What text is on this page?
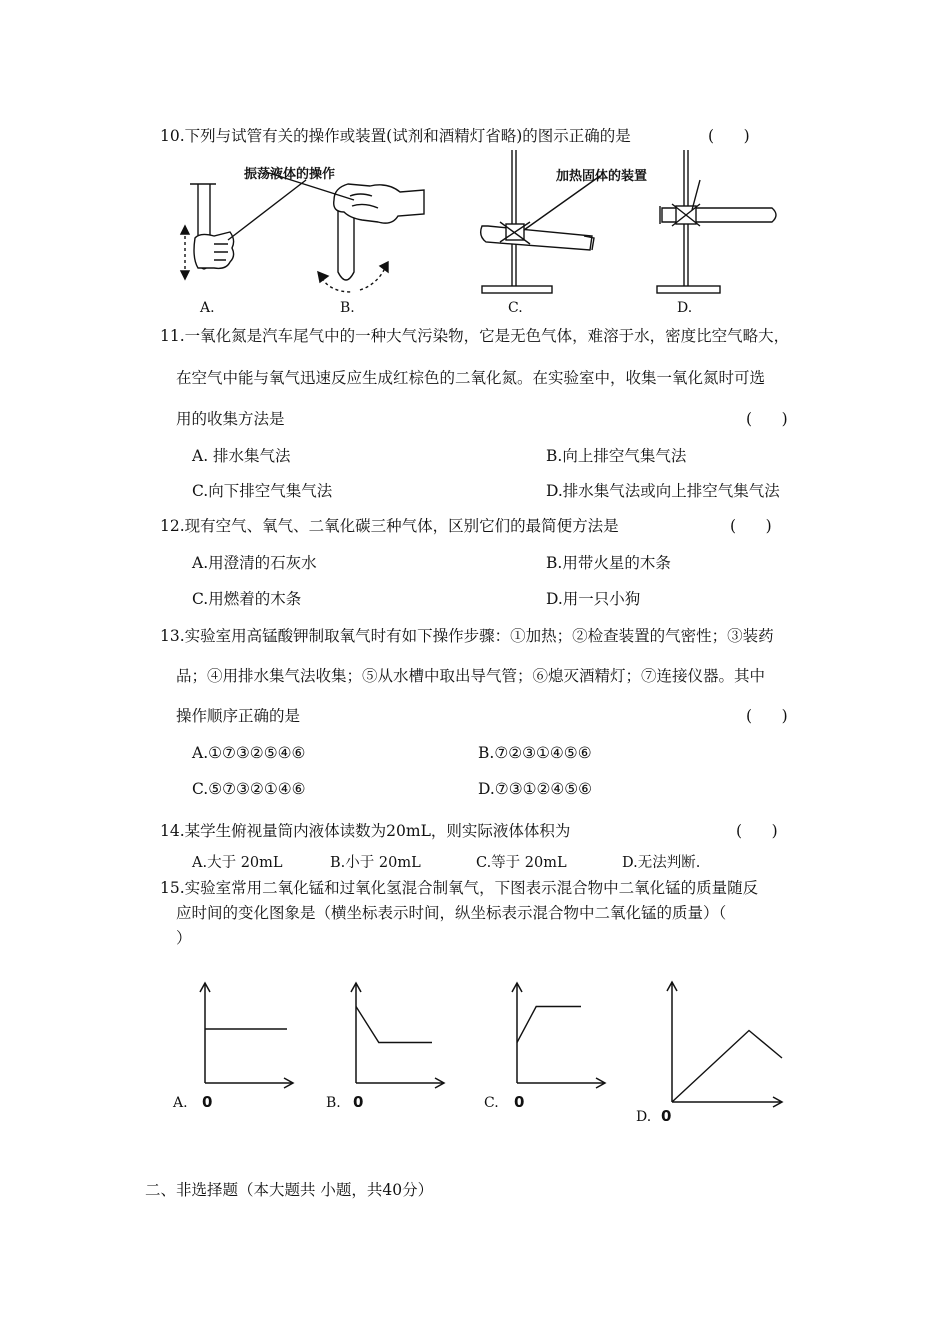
10.下列与试管有关的操作或装置(试剂和酒精灯省略)的图示正确的是	(      )
振荡液体的操作	加热固体的装置
A.	B.	C.	D.
11.一氧化氮是汽车尾气中的一种大气污染物，它是无色气体，难溶于水，密度比空气略大，
在空气中能与氧气迅速反应生成红棕色的二氧化氮。在实验室中，收集一氧化氮时可选
用的收集方法是	(      )
A. 排水集气法	B.向上排空气集气法
C.向下排空气集气法	D.排水集气法或向上排空气集气法
12.现有空气、氧气、二氧化碳三种气体，区别它们的最简便方法是	(      )
A.用澄清的石灰水	B.用带火星的木条
C.用燃着的木条	D.用一只小狗
13.实验室用高锰酸钾制取氧气时有如下操作步骤：①加热；②检查装置的气密性；③装药
品；④用排水集气法收集；⑤从水槽中取出导气管；⑥熄灭酒精灯；⑦连接仪器。其中
操作顺序正确的是	(      )
A.①⑦③②⑤④⑥	B.⑦②③①④⑤⑥
C.⑤⑦③②①④⑥	D.⑦③①②④⑤⑥
14.某学生俯视量筒内液体读数为20mL，则实际液体体积为	(      )
A.大于 20mL	B.小于 20mL	C.等于 20mL	D.无法判断.
15.实验室常用二氧化锰和过氧化氢混合制氧气，下图表示混合物中二氧化锰的质量随反
应时间的变化图象是（横坐标表示时间，纵坐标表示混合物中二氧化锰的质量）（
）
A. 0	B. 0	C. 0
D. 0
二、非选择题（本大题共 小题，共40分）
